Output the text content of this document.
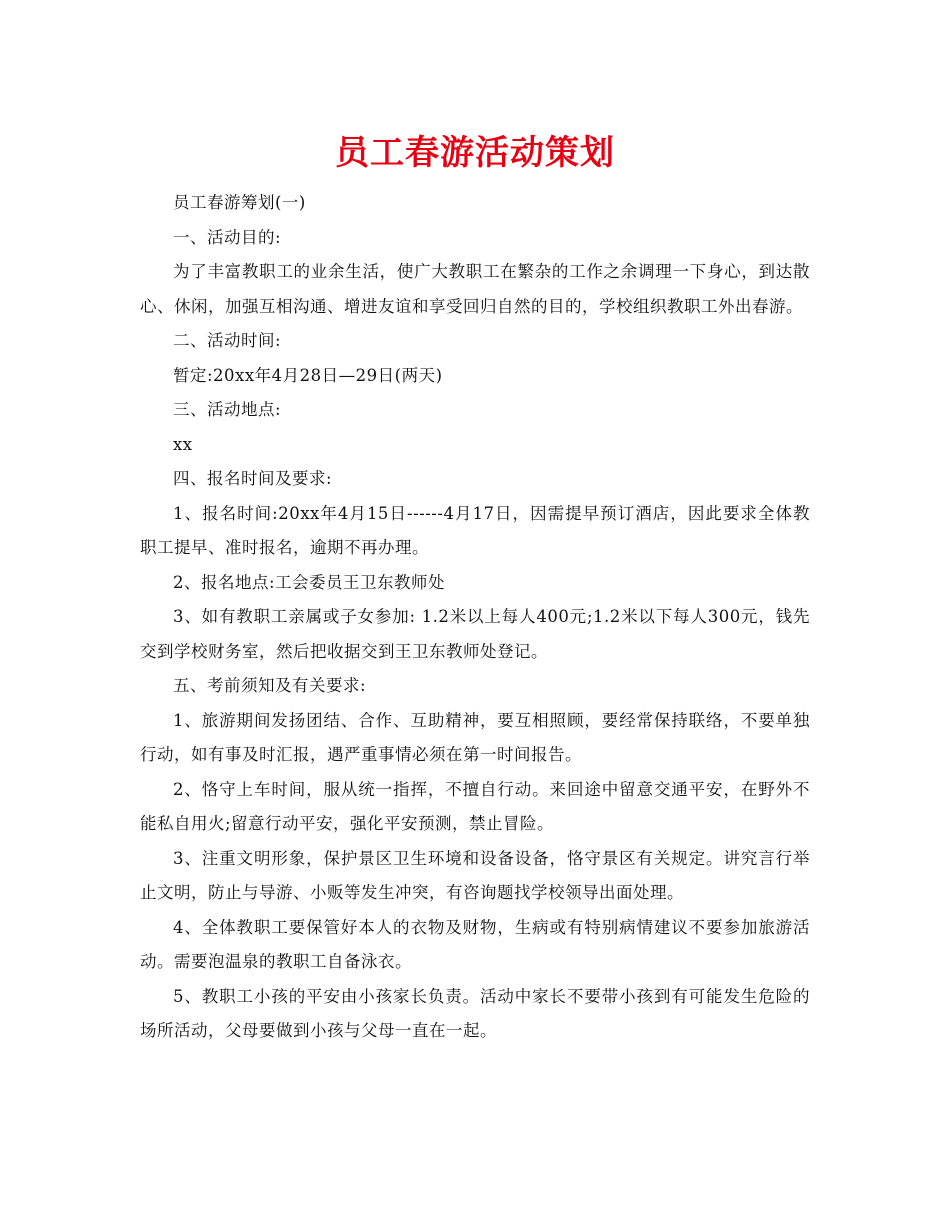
员工春游活动策划

员工春游筹划(一)

一、活动目的:

为了丰富教职工的业余生活，使广大教职工在繁杂的工作之余调理一下身心，到达散心、休闲，加强互相沟通、增进友谊和享受回归自然的目的，学校组织教职工外出春游。

二、活动时间:

暂定:20xx年4月28日—29日(两天)

三、活动地点:

xx

四、报名时间及要求:

1、报名时间:20xx年4月15日------4月17日，因需提早预订酒店，因此要求全体教职工提早、准时报名，逾期不再办理。

2、报名地点:工会委员王卫东教师处

3、如有教职工亲属或子女参加: 1.2米以上每人400元;1.2米以下每人300元，钱先交到学校财务室，然后把收据交到王卫东教师处登记。

五、考前须知及有关要求:

1、旅游期间发扬团结、合作、互助精神，要互相照顾，要经常保持联络，不要单独行动，如有事及时汇报，遇严重事情必须在第一时间报告。

2、恪守上车时间，服从统一指挥，不擅自行动。来回途中留意交通平安，在野外不能私自用火;留意行动平安，强化平安预测，禁止冒险。

3、注重文明形象，保护景区卫生环境和设备设备，恪守景区有关规定。讲究言行举止文明，防止与导游、小贩等发生冲突，有咨询题找学校领导出面处理。

4、全体教职工要保管好本人的衣物及财物，生病或有特别病情建议不要参加旅游活动。需要泡温泉的教职工自备泳衣。

5、教职工小孩的平安由小孩家长负责。活动中家长不要带小孩到有可能发生危险的场所活动，父母要做到小孩与父母一直在一起。
